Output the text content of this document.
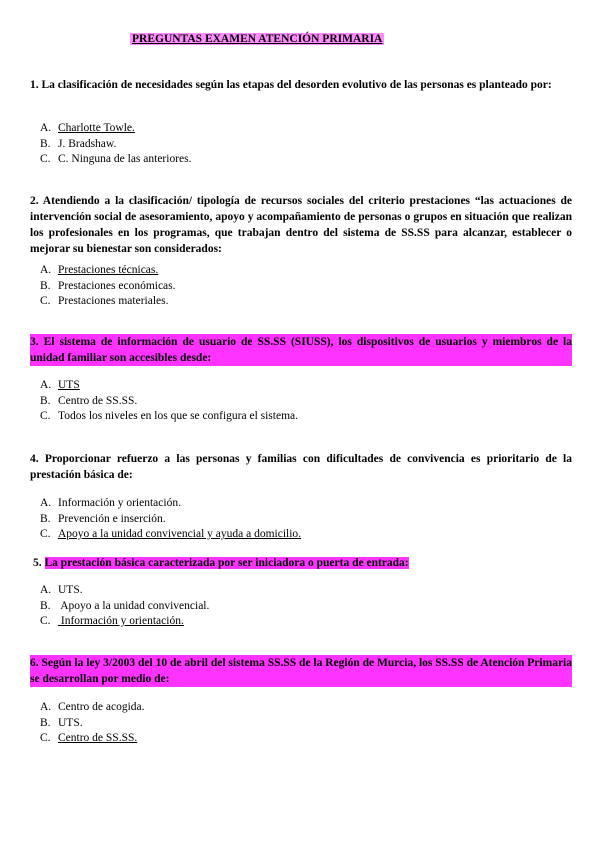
PREGUNTAS EXAMEN ATENCIÓN PRIMARIA
1. La clasificación de necesidades según las etapas del desorden evolutivo de las personas es planteado por:
A. Charlotte Towle.
B. J. Bradshaw.
C. C. Ninguna de las anteriores.
2. Atendiendo a la clasificación/ tipología de recursos sociales del criterio prestaciones “las actuaciones de intervención social de asesoramiento, apoyo y acompañamiento de personas o grupos en situación que realizan los profesionales en los programas, que trabajan dentro del sistema de SS.SS para alcanzar, establecer o mejorar su bienestar son considerados:
A. Prestaciones técnicas.
B. Prestaciones económicas.
C. Prestaciones materiales.
3. El sistema de información de usuario de SS.SS (SIUSS), los dispositivos de usuarios y miembros de la unidad familiar son accesibles desde:
A. UTS
B. Centro de SS.SS.
C. Todos los niveles en los que se configura el sistema.
4. Proporcionar refuerzo a las personas y familias con dificultades de convivencia es prioritario de la prestación básica de:
A. Información y orientación.
B. Prevención e inserción.
C. Apoyo a la unidad convivencial y ayuda a domicilio.
5. La prestación básica caracterizada por ser iniciadora o puerta de entrada:
A. UTS.
B. Apoyo a la unidad convivencial.
C. Información y orientación.
6. Según la ley 3/2003 del 10 de abril del sistema SS.SS de la Región de Murcia, los SS.SS de Atención Primaria se desarrollan por medio de:
A. Centro de acogida.
B. UTS.
C. Centro de SS.SS.
